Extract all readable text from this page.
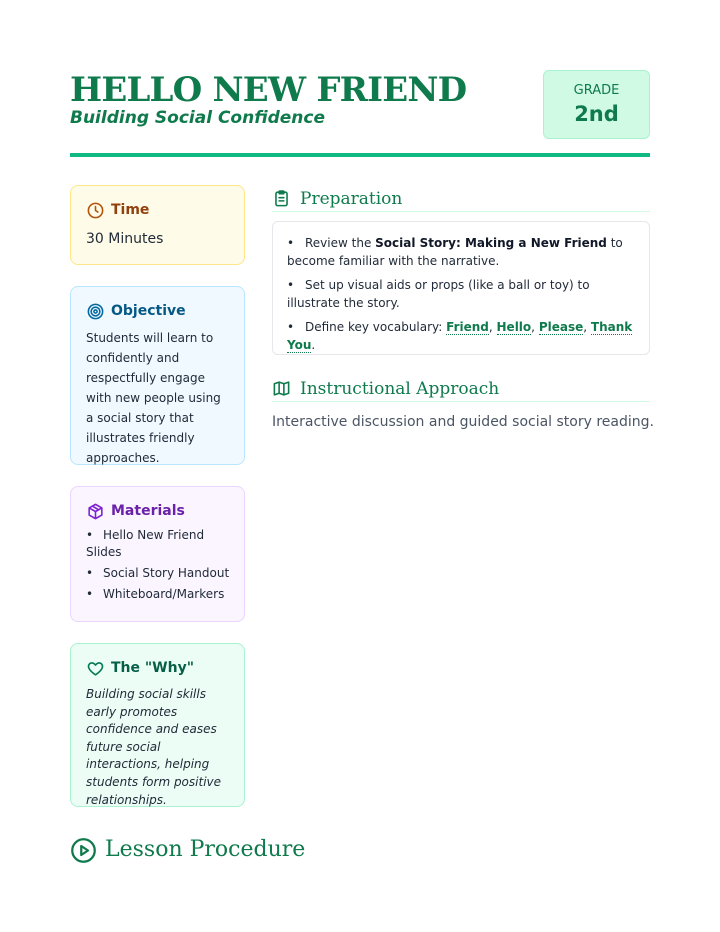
HELLO NEW FRIEND
Building Social Confidence
GRADE
2nd
Time
30 Minutes
Objective
Students will learn to confidently and respectfully engage with new people using a social story that illustrates friendly approaches.
Materials
• Hello New Friend Slides
• Social Story Handout
• Whiteboard/Markers
The "Why"
Building social skills early promotes confidence and eases future social interactions, helping students form positive relationships.
Preparation
• Review the Social Story: Making a New Friend to become familiar with the narrative.
• Set up visual aids or props (like a ball or toy) to illustrate the story.
• Define key vocabulary: Friend, Hello, Please, Thank You.
Instructional Approach
Interactive discussion and guided social story reading.
Lesson Procedure
